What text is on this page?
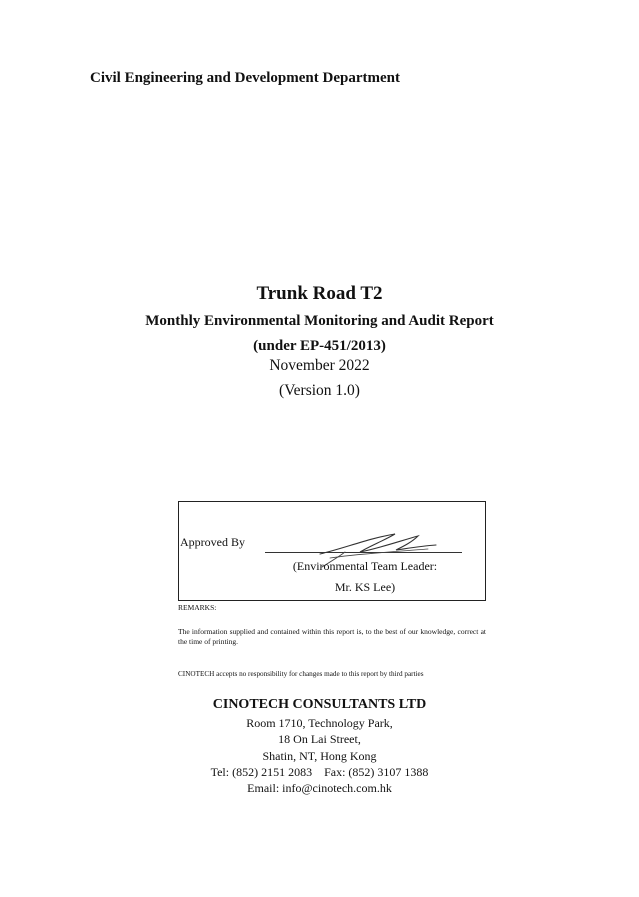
Civil Engineering and Development Department
Trunk Road T2
Monthly Environmental Monitoring and Audit Report
(under EP-451/2013)
November 2022
(Version 1.0)
Approved By
(Environmental Team Leader:
Mr. KS Lee)
REMARKS:
The information supplied and contained within this report is, to the best of our knowledge, correct at the time of printing.
CINOTECH accepts no responsibility for changes made to this report by third parties
CINOTECH CONSULTANTS LTD
Room 1710, Technology Park,
18 On Lai Street,
Shatin, NT, Hong Kong
Tel: (852) 2151 2083    Fax: (852) 3107 1388
Email: info@cinotech.com.hk
